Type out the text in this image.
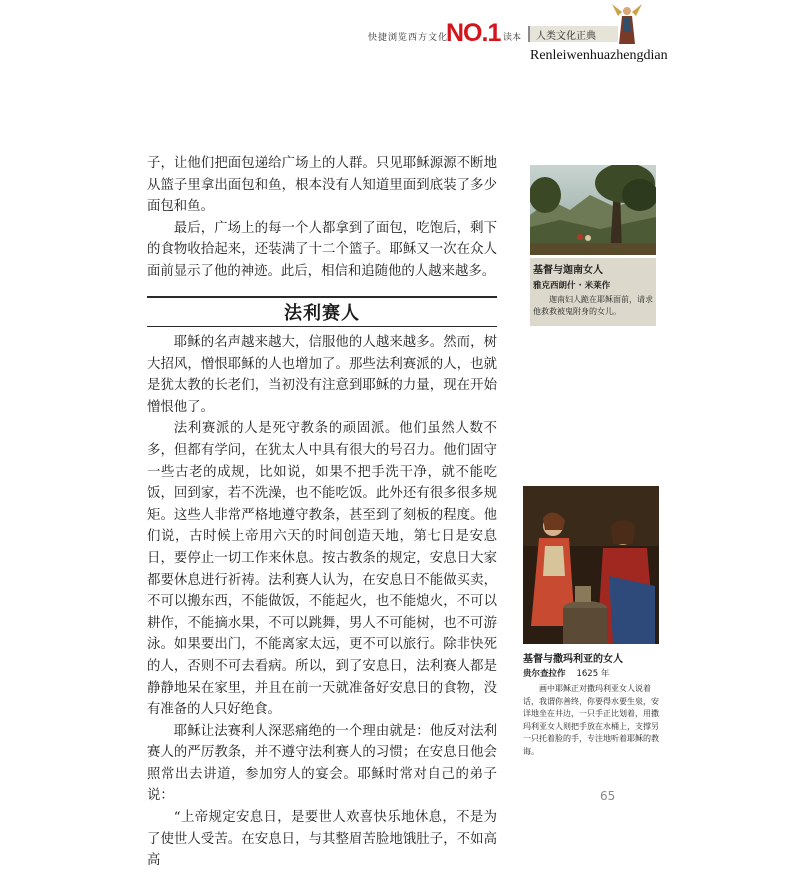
快捷浏览西方文化
NO.1 读本 人类文化正典
Renleiwenhuazhengdian

子，让他们把面包递给广场上的人群。只见耶稣源源不断地从篮子里拿出面包和鱼，根本没有人知道里面到底装了多少面包和鱼。

最后，广场上的每一个人都拿到了面包，吃饱后，剩下的食物收拾起来，还装满了十二个篮子。耶稣又一次在众人面前显示了他的神迹。此后，相信和追随他的人越来越多。

法利赛人

耶稣的名声越来越大，信服他的人越来越多。然而，树大招风，憎恨耶稣的人也增加了。那些法利赛派的人，也就是犹太教的长老们，当初没有注意到耶稣的力量，现在开始憎恨他了。

法利赛派的人是死守教条的顽固派。他们虽然人数不多，但都有学问，在犹太人中具有很大的号召力。他们固守一些古老的成规，比如说，如果不把手洗干净，就不能吃饭，回到家，若不洗澡，也不能吃饭。此外还有很多很多规矩。这些人非常严格地遵守教条，甚至到了刻板的程度。他们说，古时候上帝用六天的时间创造天地，第七日是安息日，要停止一切工作来休息。按古教条的规定，安息日大家都要休息进行祈祷。法利赛人认为，在安息日不能做买卖，不可以搬东西，不能做饭，不能起火，也不能熄火，不可以耕作，不能摘水果，不可以跳舞，男人不可能树，也不可游泳。如果要出门，不能离家太远，更不可以旅行。除非快死的人，否则不可去看病。所以，到了安息日，法利赛人都是静静地呆在家里，并且在前一天就准备好安息日的食物，没有准备的人只好绝食。

耶稣让法赛利人深恶痛绝的一个理由就是：他反对法利赛人的严厉教条，并不遵守法利赛人的习惯；在安息日他会照常出去讲道，参加穷人的宴会。耶稣时常对自己的弟子说：

“上帝规定安息日，是要世人欢喜快乐地休息，不是为了使世人受苦。在安息日，与其整眉苦脸地饿肚子，不如高高

基督与迦南女人
雅克西朗什 · 米莱作
迦南妇人跪在耶稣面前，请求他救救被鬼附身的女儿。
基督与撒玛利亚的女人
贵尔查拉作 1625 年
画中耶稣正对撒玛利亚女人说着话，我谓你善终，你要得水要生泉，安详地坐在井边，一只手正比划着，用撒玛利亚女人则把手放在水桶上，支撑另一只托着脸的手，专注地听着耶稣的教诲。
65
